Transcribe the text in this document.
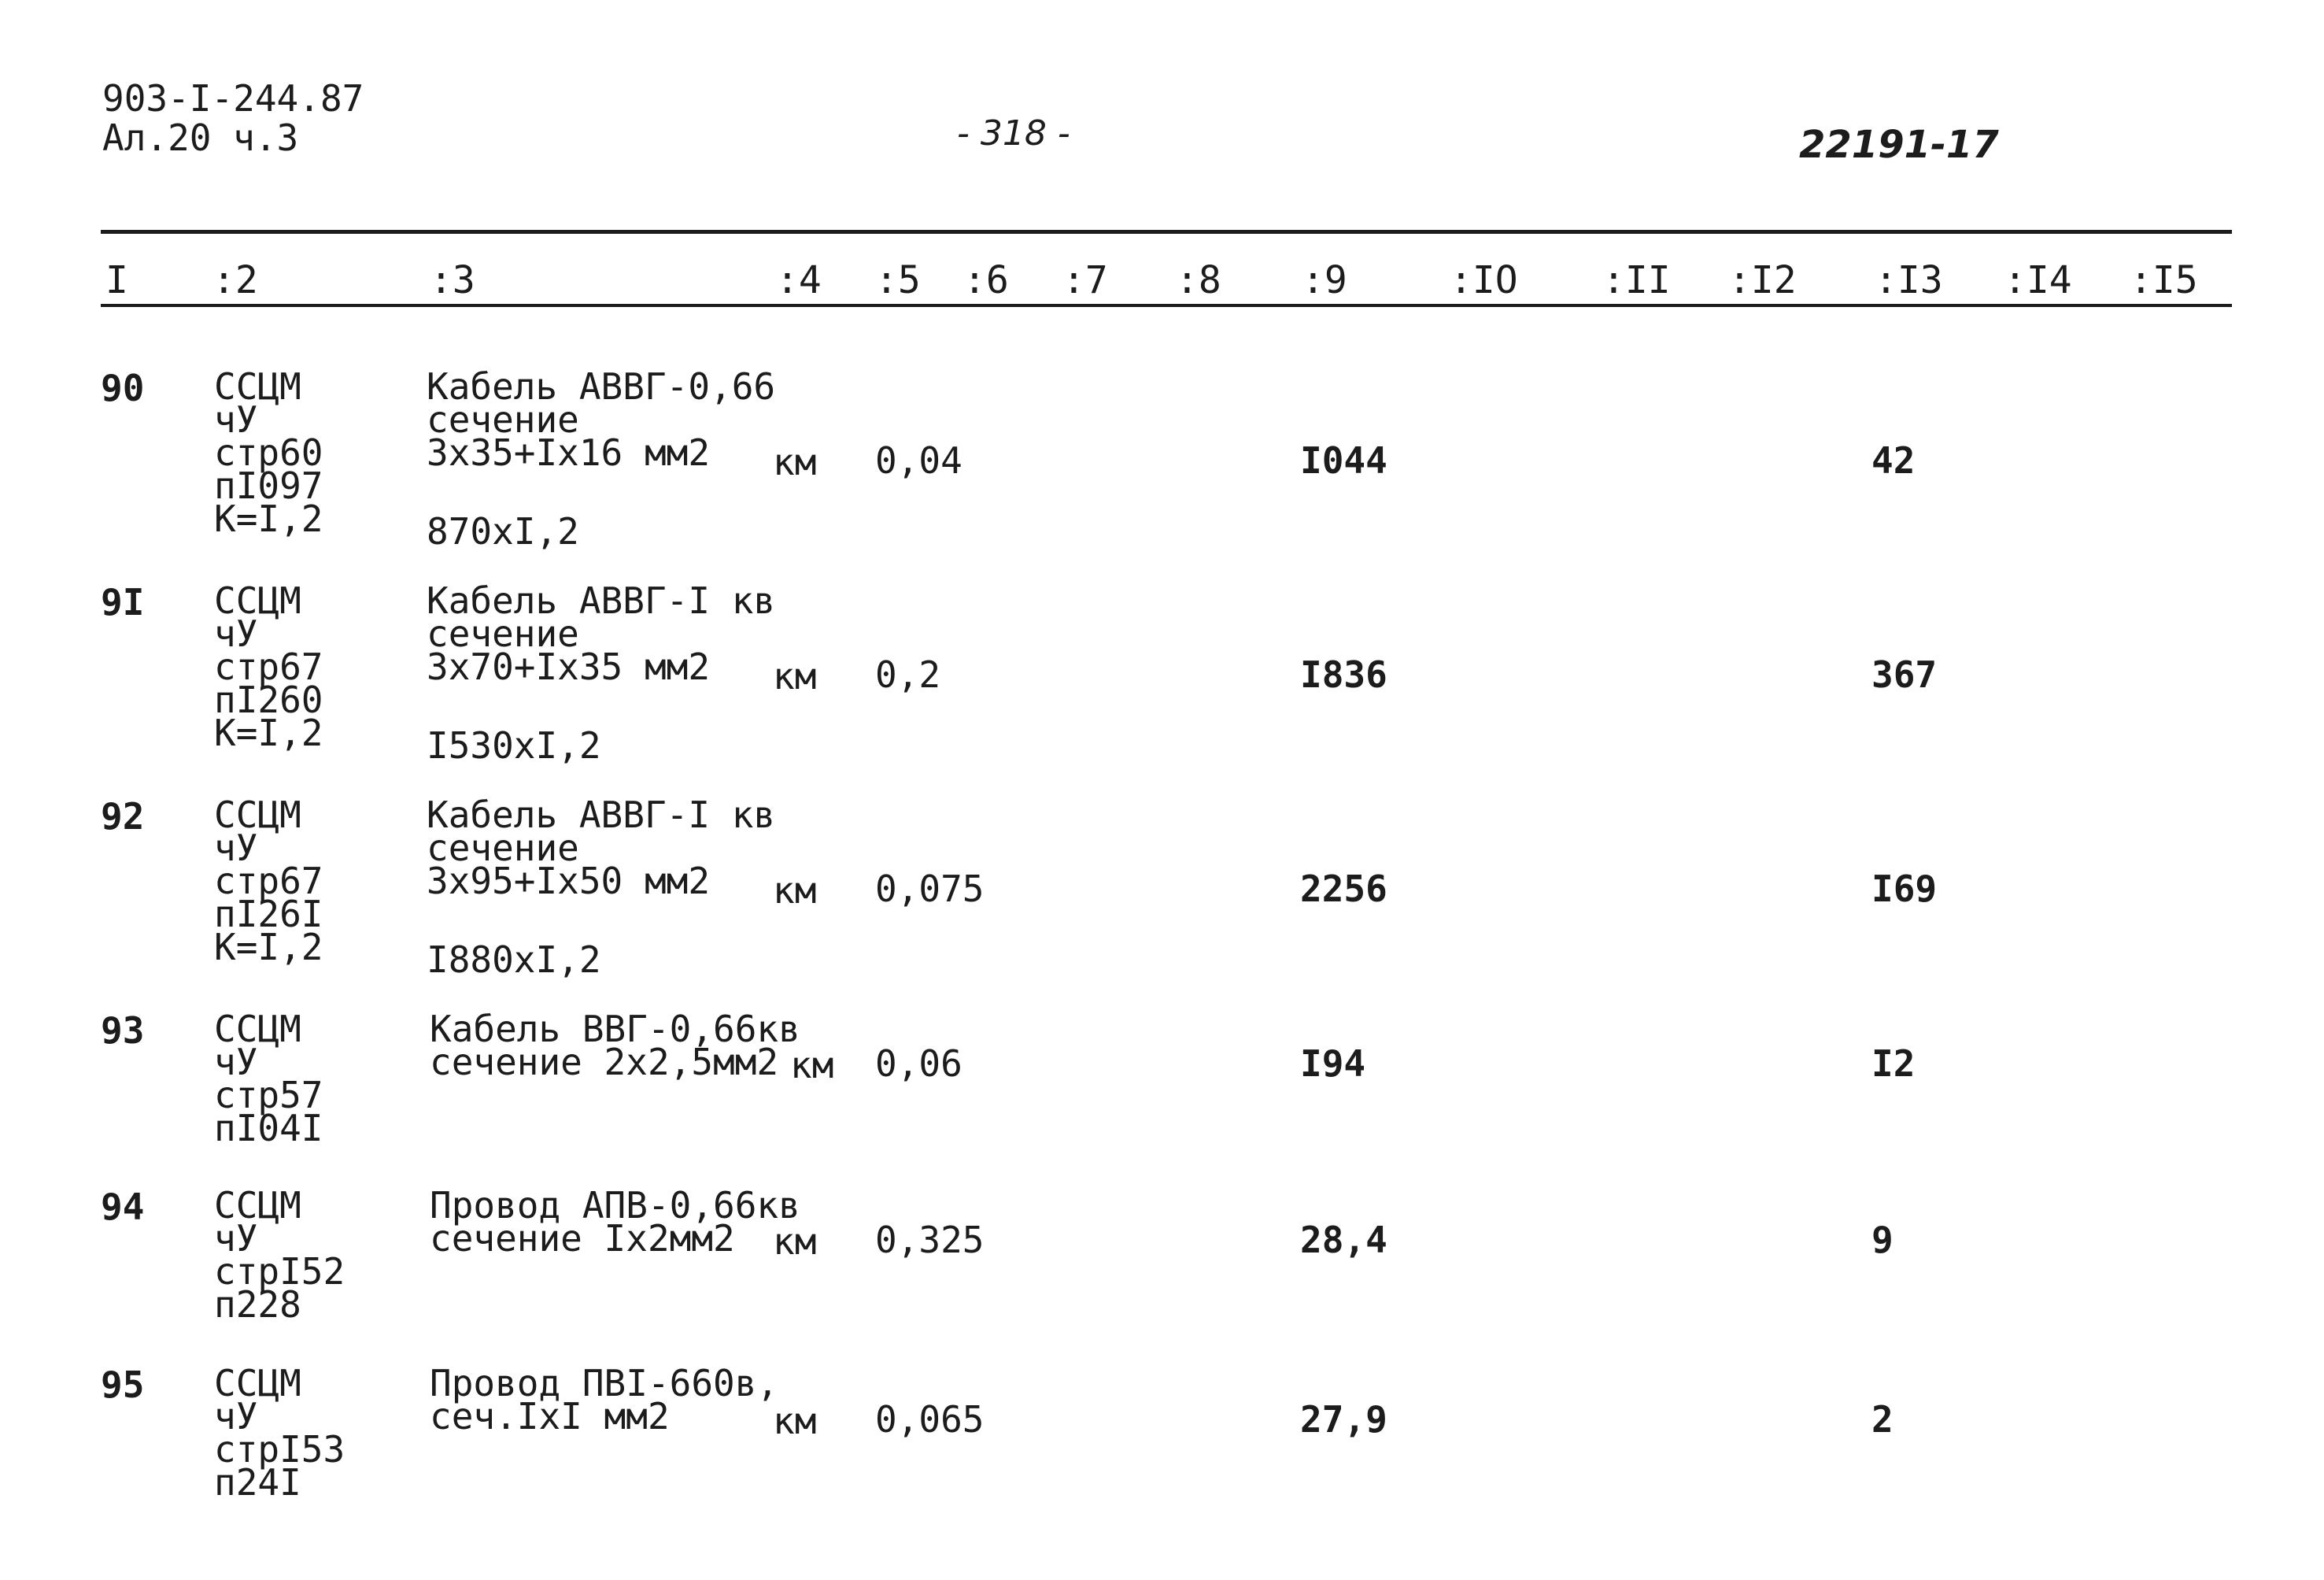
903-I-244.87
Ал.20 ч.3	- 318 -	22191-17
I :2	:3	:4 :5 :6 :7 :8 :9	:IO :II :I2 :I3 :I4 :I5
90 ССЦМ
чУ
стр60
пI097
К=I,2
Кабель АВВГ-0,66
сечение
3х35+Iх16 мм2
870хI,2
км 0,04	I044	42
9I ССЦМ
чУ
стр67
пI260
К=I,2
Кабель АВВГ-I кв
сечение
3х70+Iх35 мм2
I530хI,2
км 0,2	I836	367
92 ССЦМ
чУ
стр67
пI26I
К=I,2
Кабель АВВГ-I кв
сечение
3х95+Iх50 мм2
I880хI,2
км 0,075	2256	I69
93 ССЦМ
чУ
стр57
пI04I
Кабель ВВГ-0,66кв
сечение 2х2,5мм2 км 0,06	I94	I2
94 ССЦМ
чУ
стрI52
п228
Провод АПВ-0,66кв
сечение Iх2мм2	км 0,325	28,4	9
95 ССЦМ
чУ
стрI53
п24I
Провод ПВI-660в,
сеч.IхI мм2	км 0,065	27,9	2
